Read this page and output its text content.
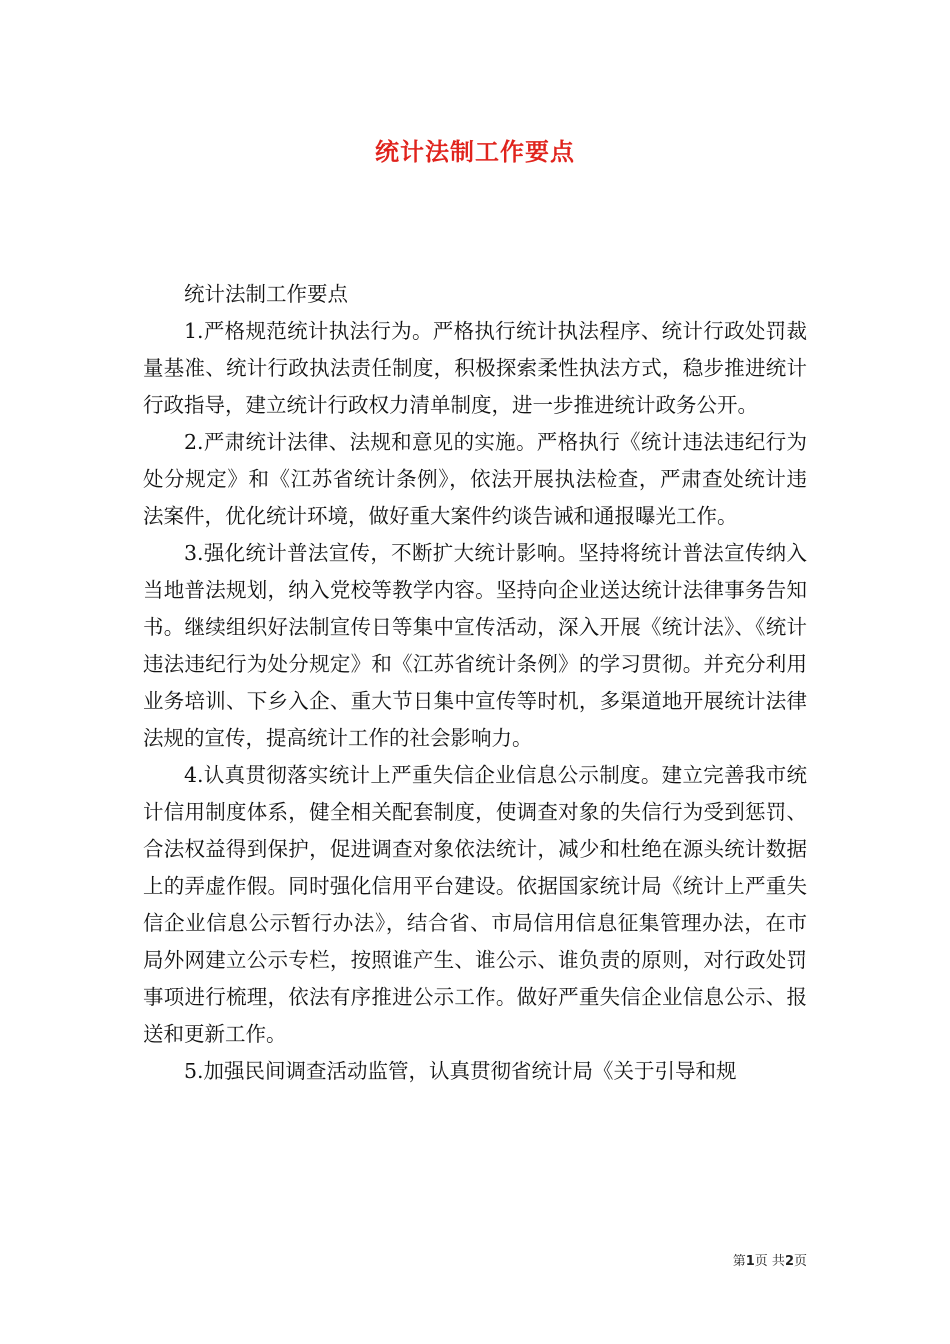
统计法制工作要点

统计法制工作要点

1.严格规范统计执法行为。严格执行统计执法程序、统计行政处罚裁量基准、统计行政执法责任制度，积极探索柔性执法方式，稳步推进统计行政指导，建立统计行政权力清单制度，进一步推进统计政务公开。

2.严肃统计法律、法规和意见的实施。严格执行《统计违法违纪行为处分规定》和《江苏省统计条例》，依法开展执法检查，严肃查处统计违法案件，优化统计环境，做好重大案件约谈告诫和通报曝光工作。

3.强化统计普法宣传，不断扩大统计影响。坚持将统计普法宣传纳入当地普法规划，纳入党校等教学内容。坚持向企业送达统计法律事务告知书。继续组织好法制宣传日等集中宣传活动，深入开展《统计法》、《统计违法违纪行为处分规定》和《江苏省统计条例》的学习贯彻。并充分利用业务培训、下乡入企、重大节日集中宣传等时机，多渠道地开展统计法律法规的宣传，提高统计工作的社会影响力。

4.认真贯彻落实统计上严重失信企业信息公示制度。建立完善我市统计信用制度体系，健全相关配套制度，使调查对象的失信行为受到惩罚、合法权益得到保护，促进调查对象依法统计，减少和杜绝在源头统计数据上的弄虚作假。同时强化信用平台建设。依据国家统计局《统计上严重失信企业信息公示暂行办法》，结合省、市局信用信息征集管理办法，在市局外网建立公示专栏，按照谁产生、谁公示、谁负责的原则，对行政处罚事项进行梳理，依法有序推进公示工作。做好严重失信企业信息公示、报送和更新工作。

5.加强民间调查活动监管，认真贯彻省统计局《关于引导和规

第1页 共2页
